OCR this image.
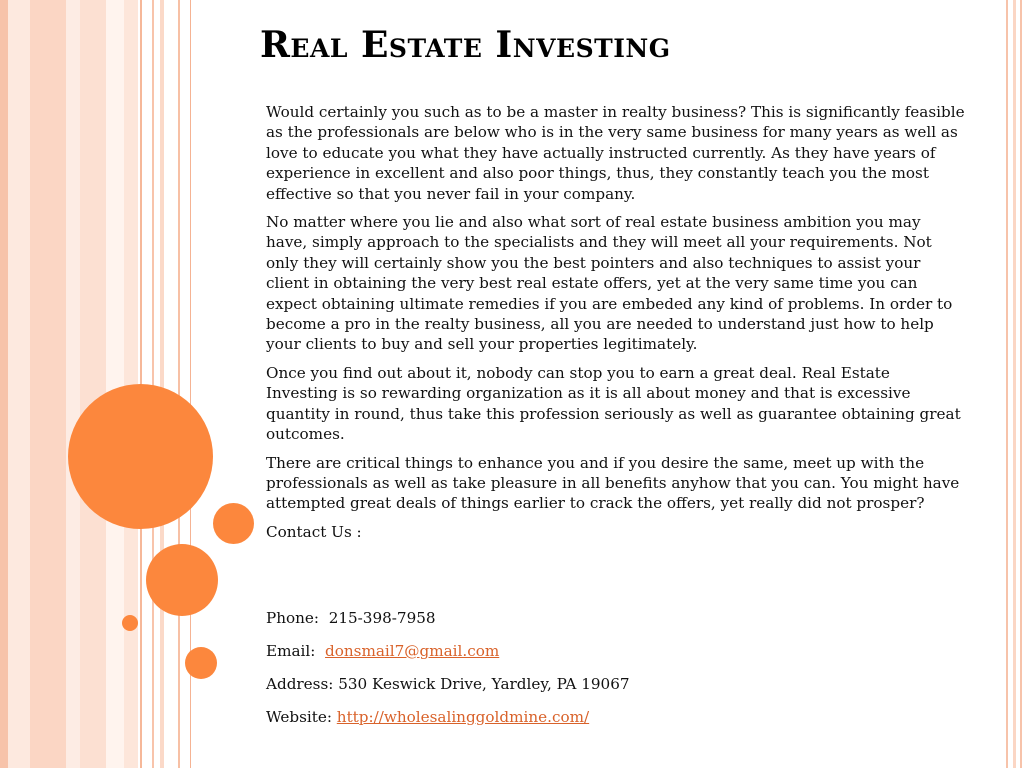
Real Estate Investing

Would certainly you such as to be a master in realty business? This is significantly feasible as the professionals are below who is in the very same business for many years as well as love to educate you what they have actually instructed currently. As they have years of experience in excellent and also poor things, thus, they constantly teach you the most effective so that you never fail in your company.

No matter where you lie and also what sort of real estate business ambition you may have, simply approach to the specialists and they will meet all your requirements. Not only they will certainly show you the best pointers and also techniques to assist your client in obtaining the very best real estate offers, yet at the very same time you can expect obtaining ultimate remedies if you are embeded any kind of problems. In order to become a pro in the realty business, all you are needed to understand just how to help your clients to buy and sell your properties legitimately.

Once you find out about it, nobody can stop you to earn a great deal. Real Estate Investing is so rewarding organization as it is all about money and that is excessive quantity in round, thus take this profession seriously as well as guarantee obtaining great outcomes.

There are critical things to enhance you and if you desire the same, meet up with the professionals as well as take pleasure in all benefits anyhow that you can. You might have attempted great deals of things earlier to crack the offers, yet really did not prosper?

Contact Us :

Phone: 215-398-7958
Email: donsmail7@gmail.com
Address: 530 Keswick Drive, Yardley, PA 19067
Website: http://wholesalinggoldmine.com/
